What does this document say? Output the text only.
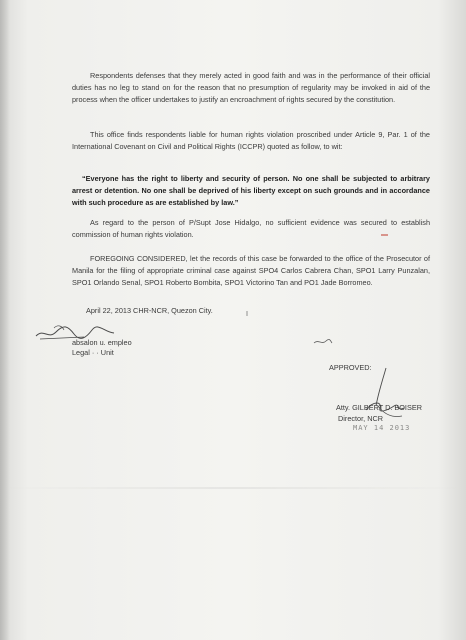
Respondents defenses that they merely acted in good faith and was in the performance of their official duties has no leg to stand on for the reason that no presumption of regularity may be invoked in aid of the process when the officer undertakes to justify an encroachment of rights secured by the constitution.

This office finds respondents liable for human rights violation proscribed under Article 9, Par. 1 of the International Covenant on Civil and Political Rights (ICCPR) quoted as follow, to wit:

“Everyone has the right to liberty and security of person. No one shall be subjected to arbitrary arrest or detention. No one shall be deprived of his liberty except on such grounds and in accordance with such procedure as are established by law.”

As regard to the person of P/Supt Jose Hidalgo, no sufficient evidence was secured to establish commission of human rights violation.

FOREGOING CONSIDERED, let the records of this case be forwarded to the office of the Prosecutor of Manila for the filing of appropriate criminal case against SPO4 Carlos Cabrera Chan, SPO1 Larry Punzalan, SPO1 Orlando Senal, SPO1 Roberto Bombita, SPO1 Victorino Tan and PO1 Jade Borromeo.

April 22, 2013 CHR-NCR, Quezon City.
absalon u. empleo
Legal · · Unit
APPROVED:
Atty. GILBERT D. BOISER
Director, NCR
MAY 14 2013
